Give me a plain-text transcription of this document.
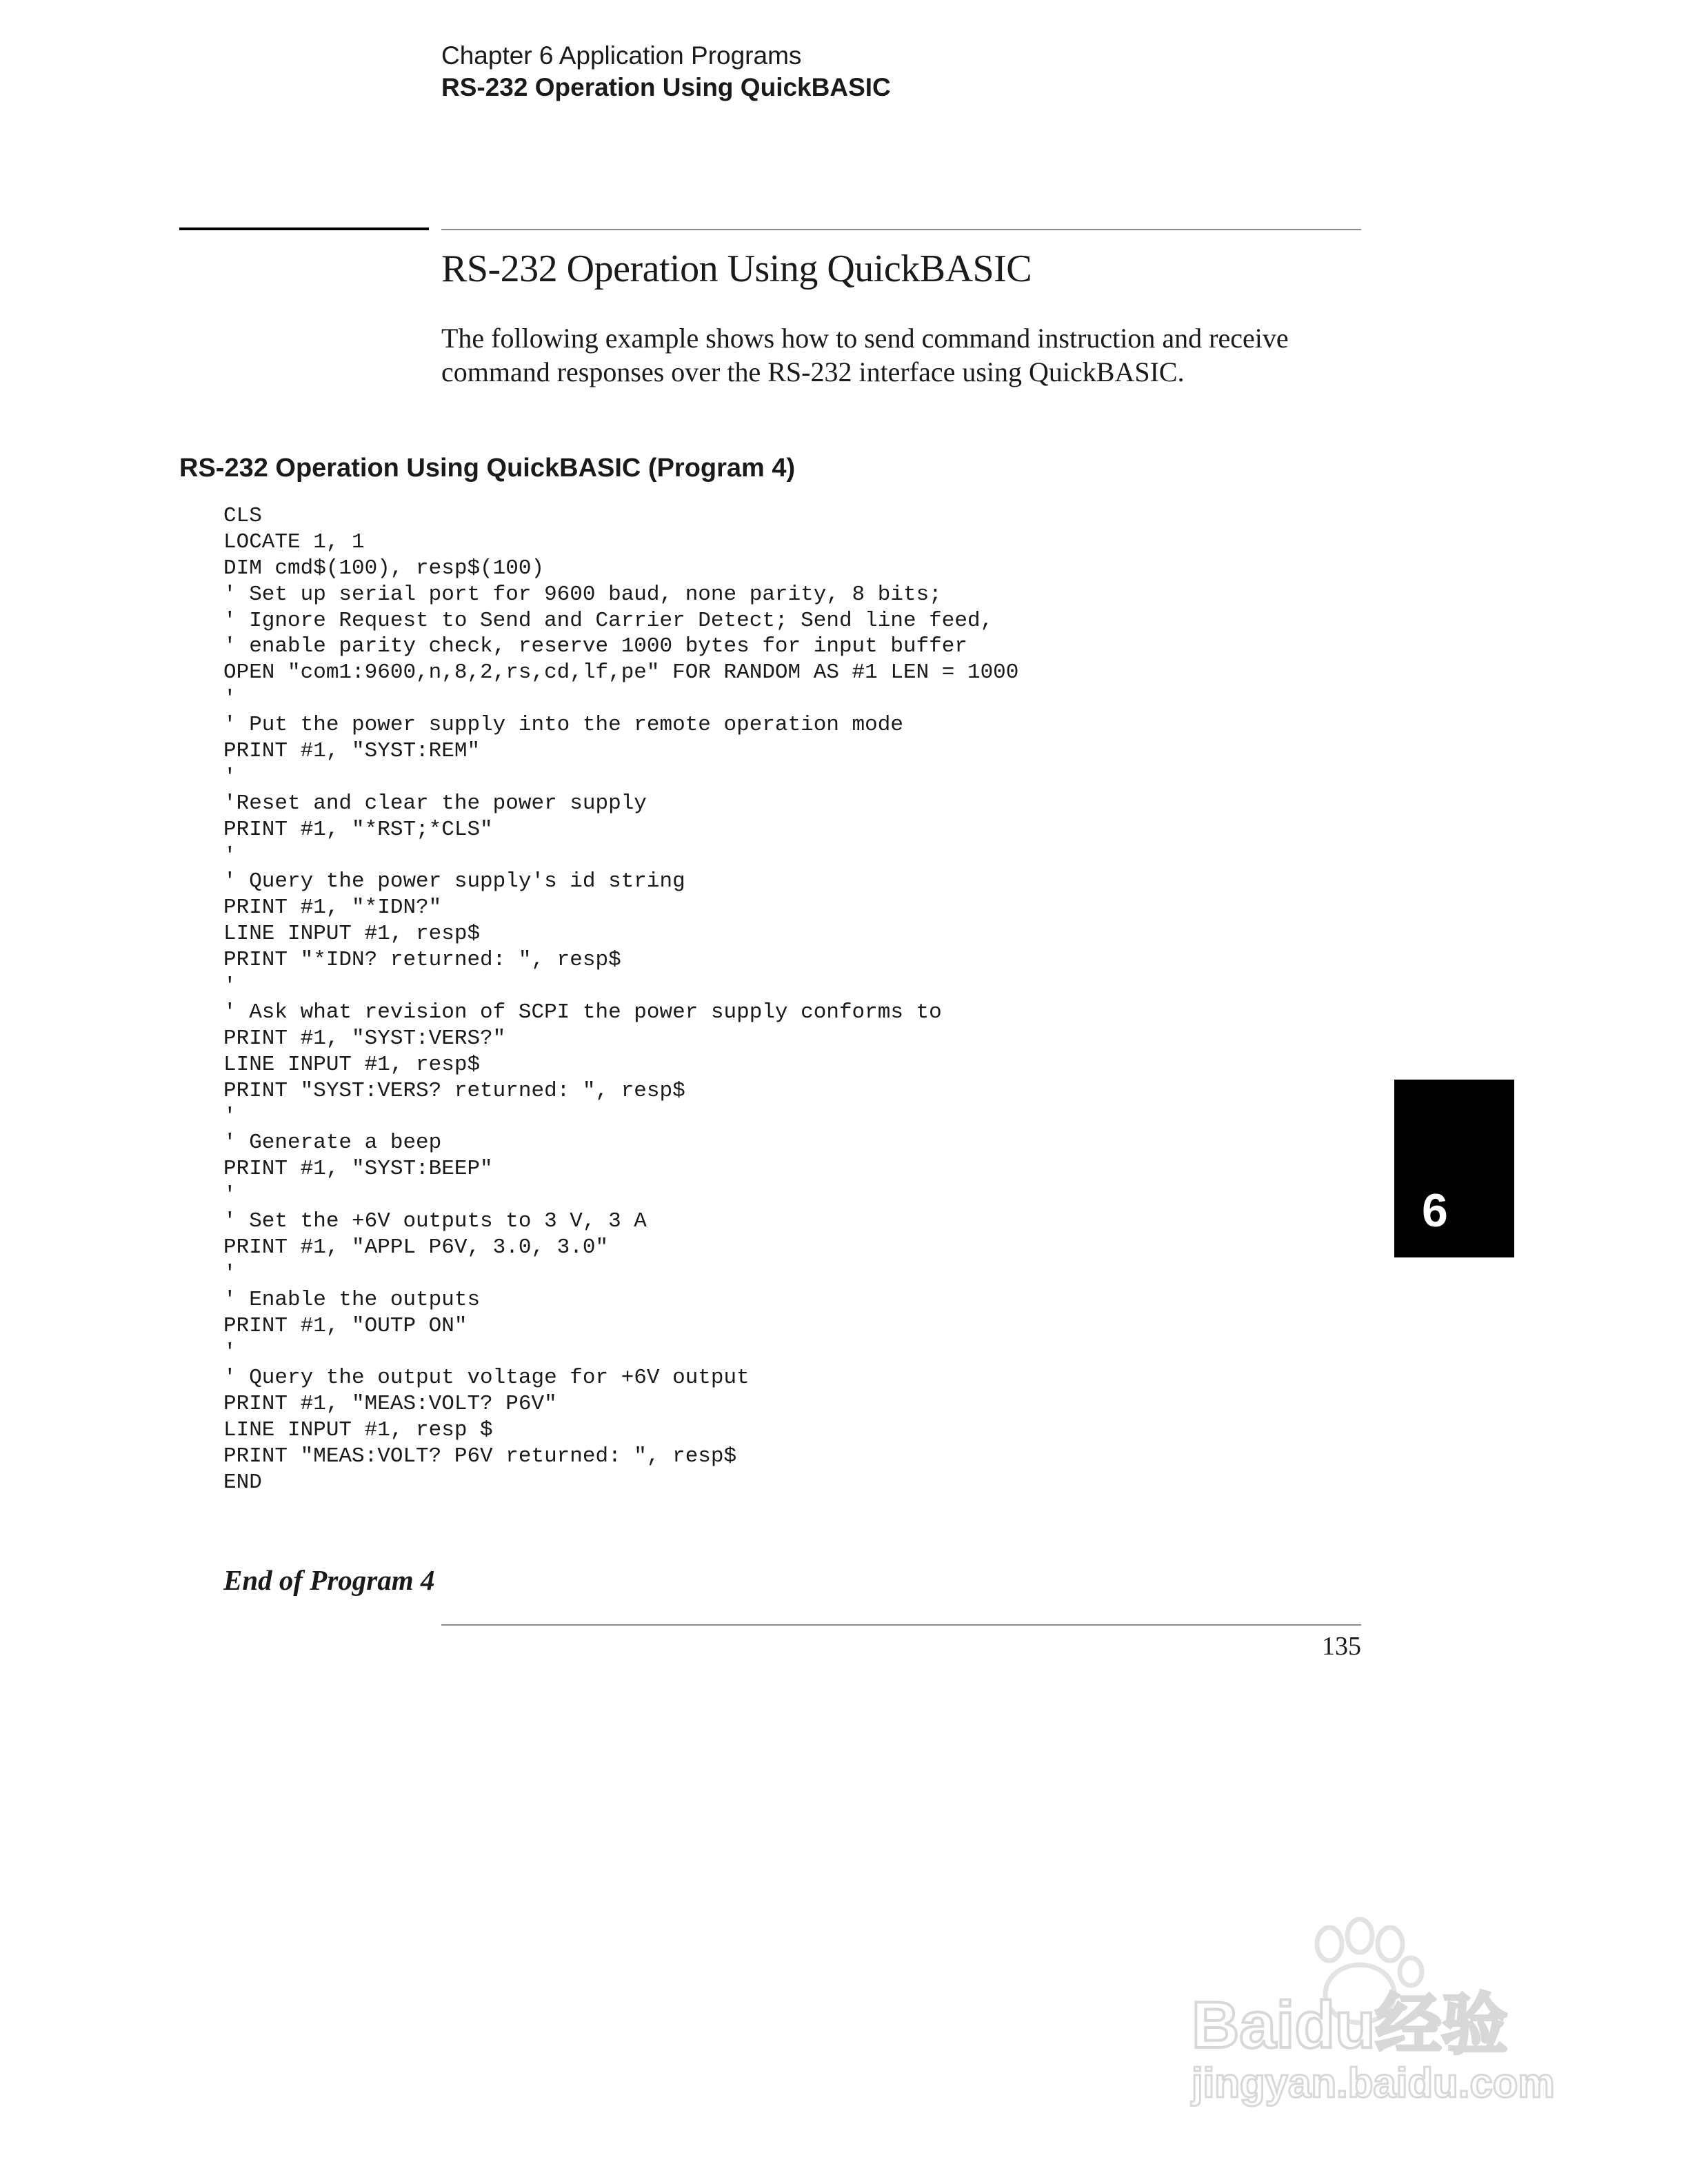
Chapter 6 Application Programs
RS-232 Operation Using QuickBASIC
RS-232 Operation Using QuickBASIC
The following example shows how to send command instruction and receive command responses over the RS-232 interface using QuickBASIC.
RS-232 Operation Using QuickBASIC (Program 4)
CLS
LOCATE 1, 1
DIM cmd$(100), resp$(100)
' Set up serial port for 9600 baud, none parity, 8 bits;
' Ignore Request to Send and Carrier Detect; Send line feed,
' enable parity check, reserve 1000 bytes for input buffer
OPEN "com1:9600,n,8,2,rs,cd,lf,pe" FOR RANDOM AS #1 LEN = 1000
'
' Put the power supply into the remote operation mode
PRINT #1, "SYST:REM"
'
'Reset and clear the power supply
PRINT #1, "*RST;*CLS"
'
' Query the power supply's id string
PRINT #1, "*IDN?"
LINE INPUT #1, resp$
PRINT "*IDN? returned: ", resp$
'
' Ask what revision of SCPI the power supply conforms to
PRINT #1, "SYST:VERS?"
LINE INPUT #1, resp$
PRINT "SYST:VERS? returned: ", resp$
'
' Generate a beep
PRINT #1, "SYST:BEEP"
'
' Set the +6V outputs to 3 V, 3 A
PRINT #1, "APPL P6V, 3.0, 3.0"
'
' Enable the outputs
PRINT #1, "OUTP ON"
'
' Query the output voltage for +6V output
PRINT #1, "MEAS:VOLT? P6V"
LINE INPUT #1, resp $
PRINT "MEAS:VOLT? P6V returned: ", resp$
END
End of Program 4
135
6
Baidu经验
jingyan.baidu.com
